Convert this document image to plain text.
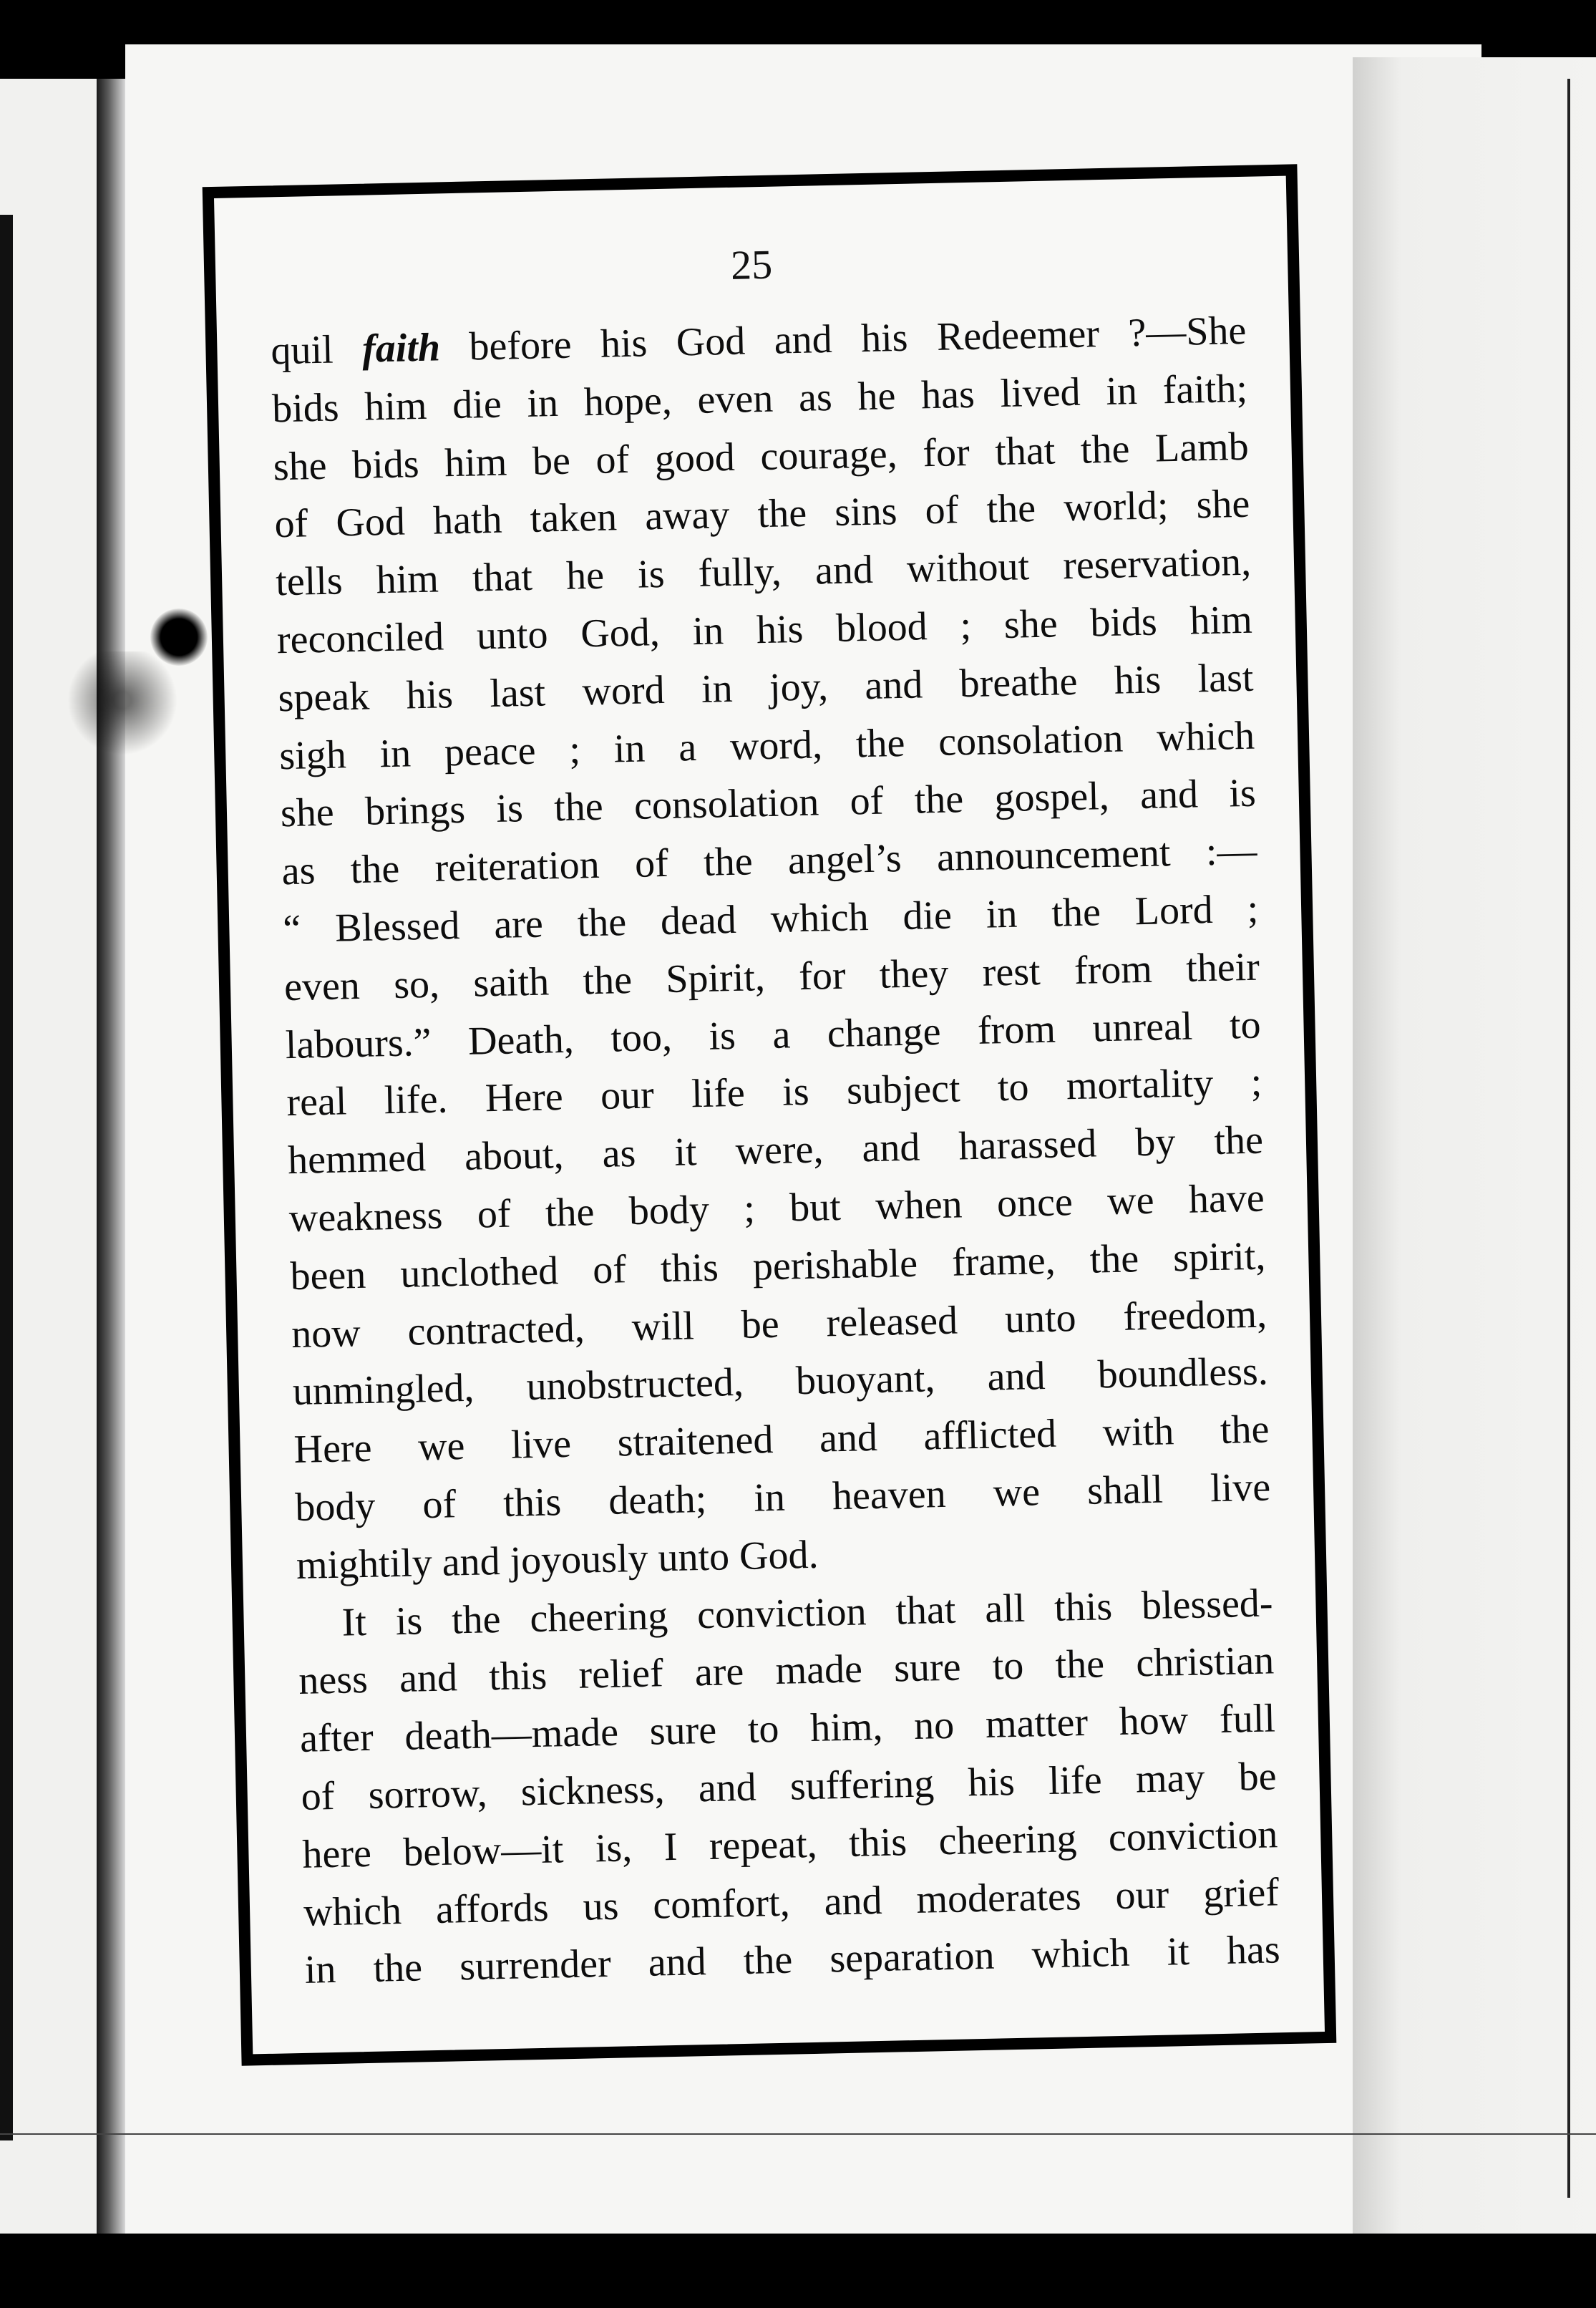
25
quil faith before his God and his Redeemer ?—She
bids him die in hope, even as he has lived in faith;
she bids him be of good courage, for that the Lamb
of God hath taken away the sins of the world; she
tells him that he is fully, and without reservation,
reconciled unto God, in his blood ; she bids him
speak his last word in joy, and breathe his last
sigh in peace ; in a word, the consolation which
she brings is the consolation of the gospel, and is
as the reiteration of the angel’s announcement :—
“ Blessed are the dead which die in the Lord ;
even so, saith the Spirit, for they rest from their
labours.” Death, too, is a change from unreal to
real life. Here our life is subject to mortality ;
hemmed about, as it were, and harassed by the
weakness of the body ; but when once we have
been unclothed of this perishable frame, the spirit,
now contracted, will be released unto freedom,
unmingled, unobstructed, buoyant, and boundless.
Here we live straitened and afflicted with the
body of this death; in heaven we shall live
mightily and joyously unto God.
It is the cheering conviction that all this blessed-
ness and this relief are made sure to the christian
after death—made sure to him, no matter how full
of sorrow, sickness, and suffering his life may be
here below—it is, I repeat, this cheering conviction
which affords us comfort, and moderates our grief
in the surrender and the separation which it has
